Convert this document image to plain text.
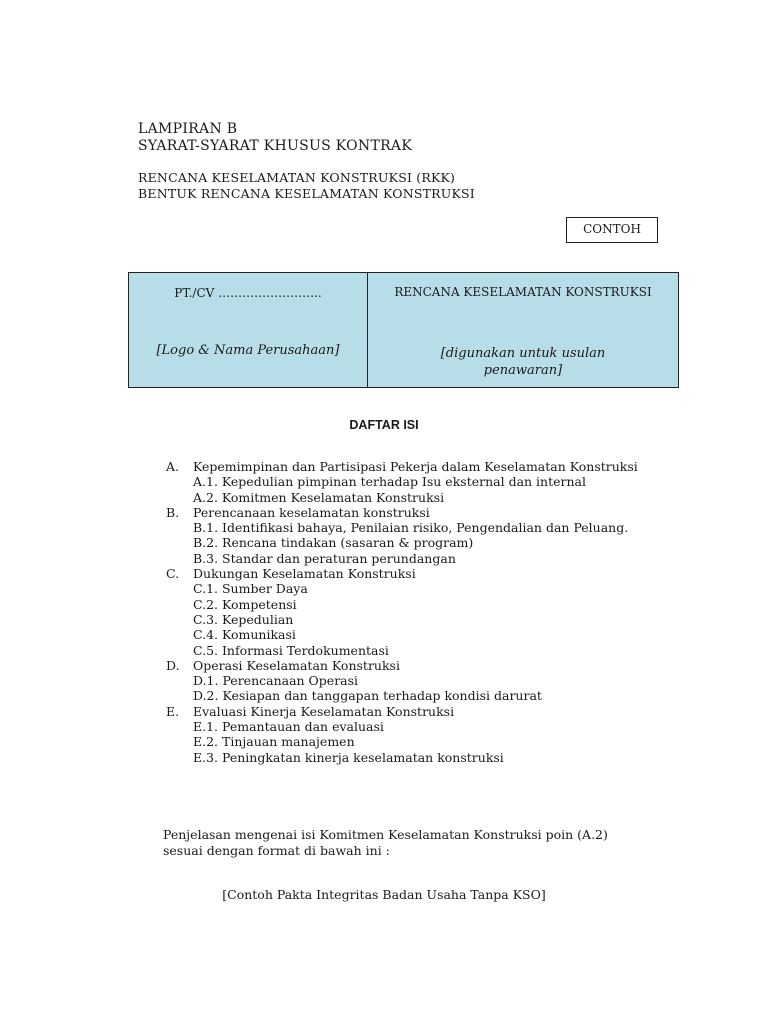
LAMPIRAN B
SYARAT-SYARAT KHUSUS KONTRAK
RENCANA KESELAMATAN KONSTRUKSI (RKK)
BENTUK RENCANA KESELAMATAN KONSTRUKSI
CONTOH
PT./CV ……………………..
[Logo & Nama Perusahaan]
RENCANA KESELAMATAN KONSTRUKSI
[digunakan untuk usulan penawaran]
DAFTAR ISI
A.	Kepemimpinan dan Partisipasi Pekerja dalam Keselamatan Konstruksi
A.1. Kepedulian pimpinan terhadap Isu eksternal dan internal
A.2. Komitmen Keselamatan Konstruksi
B.	Perencanaan keselamatan konstruksi
B.1. Identifikasi bahaya, Penilaian risiko, Pengendalian dan Peluang.
B.2. Rencana tindakan (sasaran & program)
B.3. Standar dan peraturan perundangan
C.	Dukungan Keselamatan Konstruksi
C.1. Sumber Daya
C.2. Kompetensi
C.3. Kepedulian
C.4. Komunikasi
C.5. Informasi Terdokumentasi
D.	Operasi Keselamatan Konstruksi
D.1. Perencanaan Operasi
D.2. Kesiapan dan tanggapan terhadap kondisi darurat
E.	Evaluasi Kinerja Keselamatan Konstruksi
E.1. Pemantauan dan evaluasi
E.2. Tinjauan manajemen
E.3. Peningkatan kinerja keselamatan konstruksi
Penjelasan mengenai isi Komitmen Keselamatan Konstruksi poin (A.2)
sesuai dengan format di bawah ini :
[Contoh Pakta Integritas Badan Usaha Tanpa KSO]
